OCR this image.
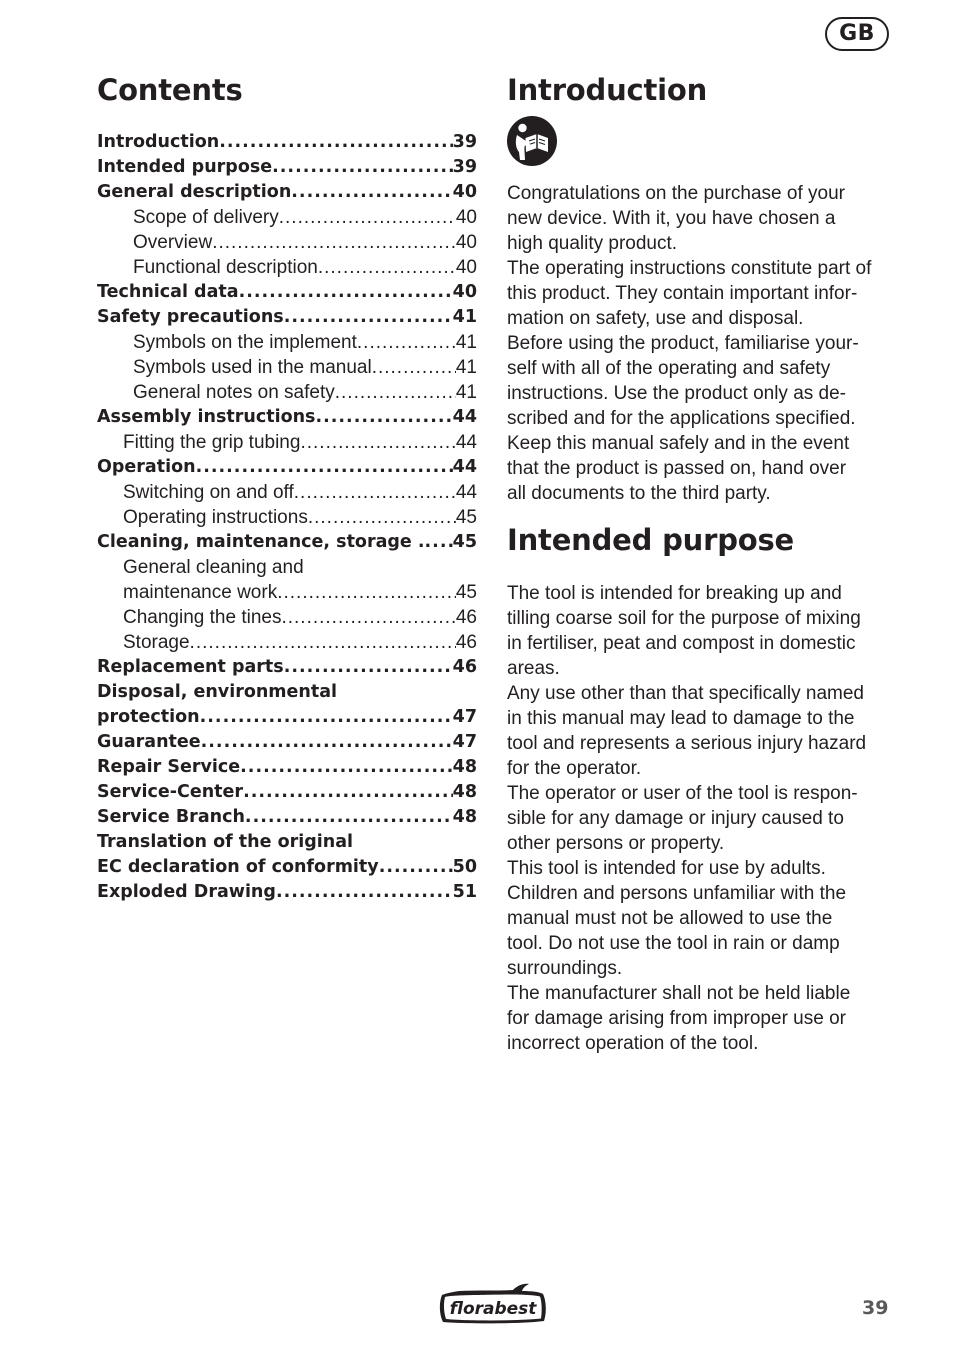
GB
Contents
Introduction .....	39
Intended purpose .....	39
General description .....	40
Scope of delivery .....	40
Overview .....	40
Functional description .....	40
Technical data .....	40
Safety precautions .....	41
Symbols on the implement .....	41
Symbols used in the manual .....	41
General notes on safety .....	41
Assembly instructions .....	44
Fitting the grip tubing .....	44
Operation .....	44
Switching on and off .....	44
Operating instructions .....	45
Cleaning, maintenance, storage . ..... 45
General cleaning and
maintenance work .....	45
Changing the tines .....	46
Storage .....	46
Replacement parts .....	46
Disposal, environmental
protection .....	47
Guarantee .....	47
Repair Service .....	48
Service-Center .....	48
Service Branch .....	48
Translation of the original
EC declaration of conformity .....	50
Exploded Drawing .....	51
Introduction

Congratulations on the purchase of your

new device. With it, you have chosen a

high quality product.

The operating instructions constitute part of

this product. They contain important infor-

mation on safety, use and disposal.

Before using the product, familiarise your-

self with all of the operating and safety

instructions. Use the product only as de-

scribed and for the applications specified.

Keep this manual safely and in the event

that the product is passed on, hand over

all documents to the third party.

Intended purpose

The tool is intended for breaking up and

tilling coarse soil for the purpose of mixing

in fertiliser, peat and compost in domestic

areas.

Any use other than that specifically named

in this manual may lead to damage to the

tool and represents a serious injury hazard

for the operator.

The operator or user of the tool is respon-

sible for any damage or injury caused to

other persons or property.

This tool is intended for use by adults.

Children and persons unfamiliar with the

manual must not be allowed to use the

tool. Do not use the tool in rain or damp

surroundings.

The manufacturer shall not be held liable

for damage arising from improper use or

incorrect operation of the tool.

florabest	39
